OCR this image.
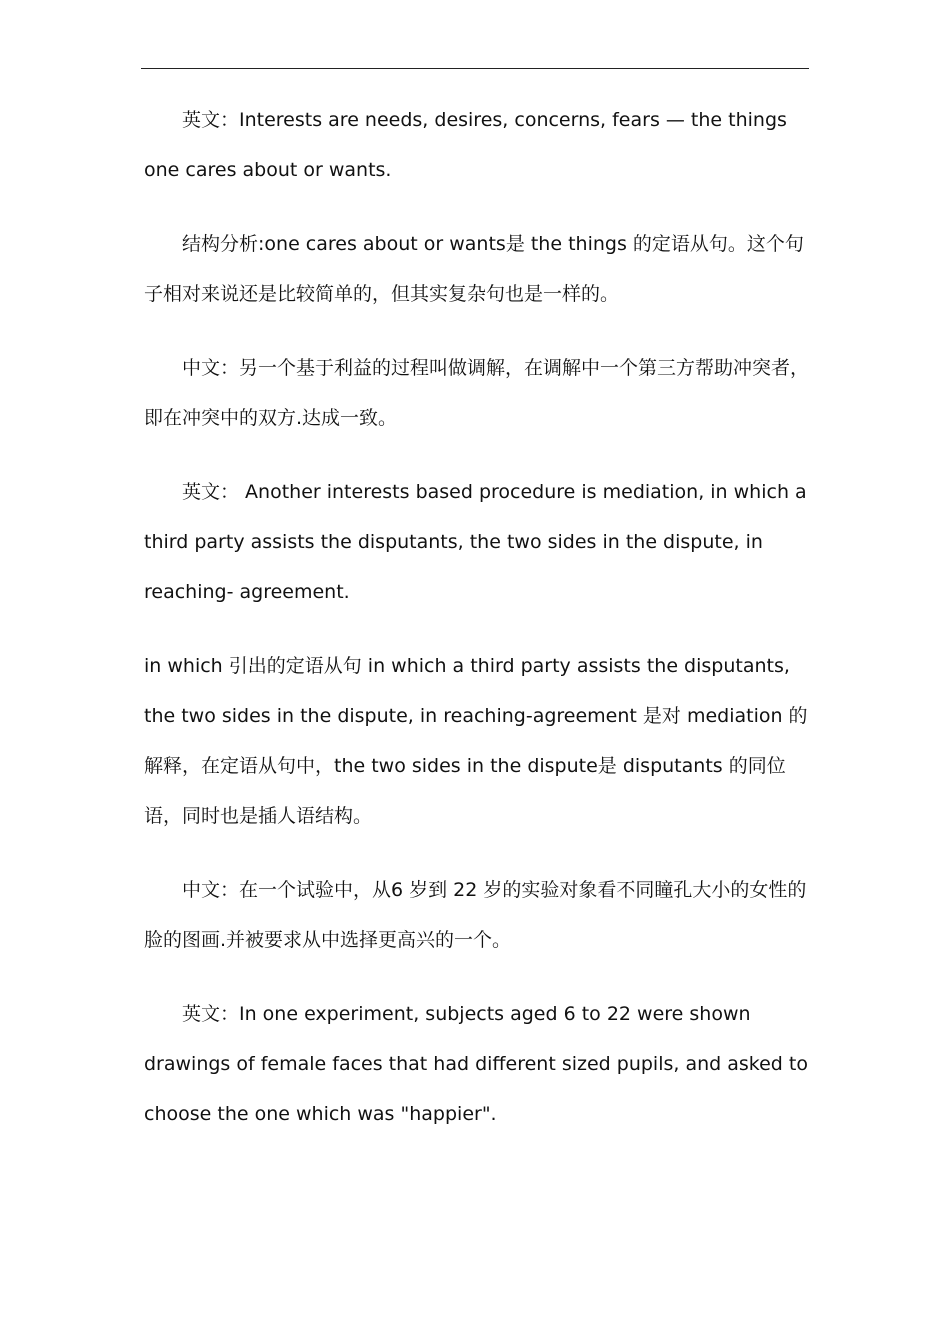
英文：Interests are needs, desires, concerns, fears — the things one cares about or wants.

结构分析:one cares about or wants是 the things 的定语从句。这个句子相对来说还是比较简单的，但其实复杂句也是一样的。

中文：另一个基于利益的过程叫做调解，在调解中一个第三方帮助冲突者，即在冲突中的双方.达成一致。

英文： Another interests based procedure is mediation, in which a third party assists the disputants, the two sides in the dispute, in reaching- agreement.

in which 引出的定语从句 in which a third party assists the disputants, the two sides in the dispute, in reaching-agreement 是对 mediation 的解释，在定语从句中，the two sides in the dispute是 disputants 的同位语，同时也是插人语结构。

中文：在一个试验中，从6 岁到 22 岁的实验对象看不同瞳孔大小的女性的脸的图画.并被要求从中选择更高兴的一个。

英文：In one experiment, subjects aged 6 to 22 were shown drawings of female faces that had different sized pupils, and asked to choose the one which was "happier".
